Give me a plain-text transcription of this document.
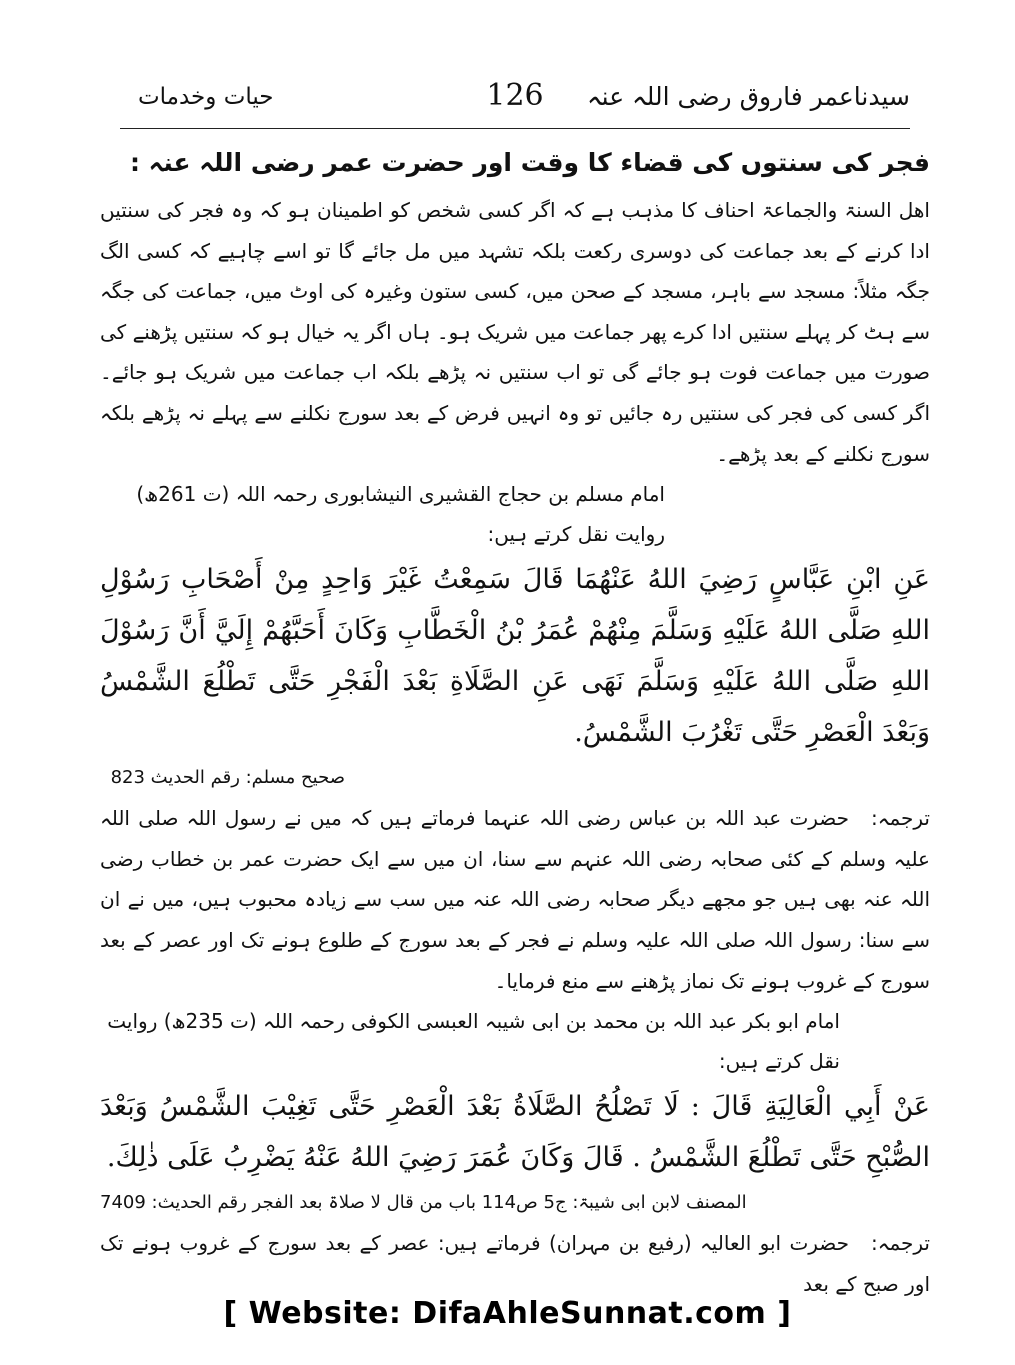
سیدناعمر فاروق رضی اللہ عنہ
126
حیات وخدمات

فجر کی سنتوں کی قضاء کا وقت اور حضرت عمر رضی اللہ عنہ :

اھل السنۃ والجماعۃ احناف کا مذہب ہے کہ اگر کسی شخص کو اطمینان ہو کہ وہ فجر کی سنتیں ادا کرنے کے بعد جماعت کی دوسری رکعت بلکہ تشہد میں مل جائے گا تو اسے چاہیے کہ کسی الگ جگہ مثلاً: مسجد سے باہر، مسجد کے صحن میں، کسی ستون وغیرہ کی اوٹ میں، جماعت کی جگہ سے ہٹ کر پہلے سنتیں ادا کرے پھر جماعت میں شریک ہو۔ ہاں اگر یہ خیال ہو کہ سنتیں پڑھنے کی صورت میں جماعت فوت ہو جائے گی تو اب سنتیں نہ پڑھے بلکہ اب جماعت میں شریک ہو جائے۔ اگر کسی کی فجر کی سنتیں رہ جائیں تو وہ انہیں فرض کے بعد سورج نکلنے سے پہلے نہ پڑھے بلکہ سورج نکلنے کے بعد پڑھے۔

امام مسلم بن حجاج القشیری النیشابوری رحمہ اللہ (ت 261ھ) روایت نقل کرتے ہیں:

عَنِ ابْنِ عَبَّاسٍ رَضِيَ اللهُ عَنْهُمَا قَالَ سَمِعْتُ غَيْرَ وَاحِدٍ مِنْ أَصْحَابِ رَسُوْلِ اللهِ صَلَّى اللهُ عَلَيْهِ وَسَلَّمَ مِنْهُمْ عُمَرُ بْنُ الْخَطَّابِ وَكَانَ أَحَبَّهُمْ إِلَيَّ أَنَّ رَسُوْلَ اللهِ صَلَّى اللهُ عَلَيْهِ وَسَلَّمَ نَهَى عَنِ الصَّلَاةِ بَعْدَ الْفَجْرِ حَتَّى تَطْلُعَ الشَّمْسُ وَبَعْدَ الْعَصْرِ حَتَّى تَغْرُبَ الشَّمْسُ.

صحیح مسلم: رقم الحدیث 823

ترجمہ:حضرت عبد اللہ بن عباس رضی اللہ عنہما فرماتے ہیں کہ میں نے رسول اللہ صلی اللہ علیہ وسلم کے کئی صحابہ رضی اللہ عنہم سے سنا، ان میں سے ایک حضرت عمر بن خطاب رضی اللہ عنہ بھی ہیں جو مجھے دیگر صحابہ رضی اللہ عنہ میں سب سے زیادہ محبوب ہیں، میں نے ان سے سنا: رسول اللہ صلی اللہ علیہ وسلم نے فجر کے بعد سورج کے طلوع ہونے تک اور عصر کے بعد سورج کے غروب ہونے تک نماز پڑھنے سے منع فرمایا۔

امام ابو بکر عبد اللہ بن محمد بن ابی شیبہ العبسی الکوفی رحمہ اللہ (ت 235ھ) روایت نقل کرتے ہیں:

عَنْ أَبِي الْعَالِيَةِ قَالَ : لَا تَصْلُحُ الصَّلَاةُ بَعْدَ الْعَصْرِ حَتَّى تَغِيْبَ الشَّمْسُ وَبَعْدَ الصُّبْحِ حَتَّى تَطْلُعَ الشَّمْسُ . قَالَ وَكَانَ عُمَرَ رَضِيَ اللهُ عَنْهُ يَضْرِبُ عَلَى ذٰلِكَ.

المصنف لابن ابی شیبۃ: ج5 ص114 باب من قال لا صلاۃ بعد الفجر رقم الحدیث: 7409

ترجمہ:حضرت ابو العالیہ (رفیع بن مہران) فرماتے ہیں: عصر کے بعد سورج کے غروب ہونے تک اور صبح کے بعد

[ Website: DifaAhleSunnat.com ]
